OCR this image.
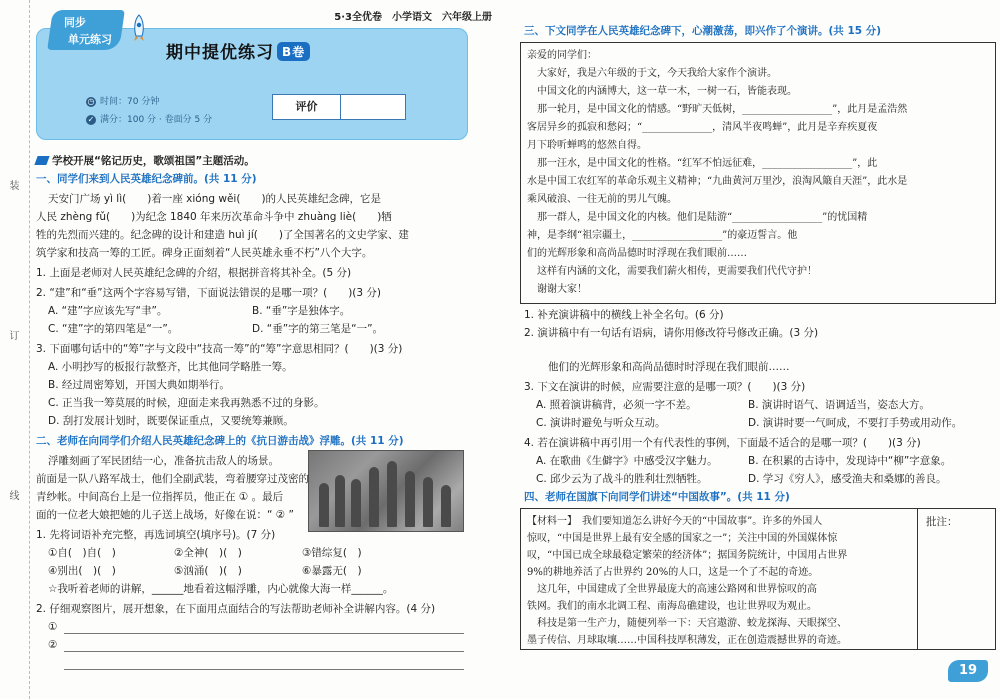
装
订
线
同步
单元练习
5·3全优卷　小学语文　六年级上册
期中提优练习 B卷
◷ 时间：70 分钟
✓ 满分：100 分 · 卷面分 5 分
评价
学校开展“铭记历史，歌颂祖国”主题活动。
一、同学们来到人民英雄纪念碑前。(共 11 分)
天安门广场 yì lì(　　)着一座 xióng wěi(　　)的人民英雄纪念碑，它是
人民 zhèng fǔ(　　)为纪念 1840 年来历次革命斗争中 zhuàng liè(　　)牺
牲的先烈而兴建的。纪念碑的设计和建造 huì jí(　　)了全国著名的文史学家、建
筑学家和技高一筹的工匠。碑身正面刻着“人民英雄永垂不朽”八个大字。
1. 上面是老师对人民英雄纪念碑的介绍，根据拼音将其补全。(5 分)
2. “建”和“垂”这两个字容易写错，下面说法错误的是哪一项？(　　)(3 分)
A. “建”字应该先写“聿”。	B. “垂”字是独体字。
C. “建”字的第四笔是“一”。	D. “垂”字的第三笔是“一”。
3. 下面哪句话中的“筹”字与文段中“技高一筹”的“筹”字意思相同？(　　)(3 分)
A. 小明抄写的板报行款整齐，比其他同学略胜一筹。
B. 经过周密筹划，开国大典如期举行。
C. 正当我一筹莫展的时候，迎面走来我再熟悉不过的身影。
D. 刮打发展计划时，既要保证重点，又要统筹兼顾。
二、老师在向同学们介绍人民英雄纪念碑上的《抗日游击战》浮雕。(共 11 分)
浮雕刻画了军民团结一心，准备抗击敌人的场景。
前面是一队八路军战士，他们全副武装，弯着腰穿过茂密的
青纱帐。中间高台上是一位指挥员，他正在 ① 。最后
面的一位老大娘把她的儿子送上战场，好像在说：“ ② ”
1. 先将词语补充完整，再选词填空(填序号)。(7 分)
①自(　)自(　)	②全神(　)(　)	③错综复(　)
④别出(　)(　)	⑤汹涌(　)(　)	⑥暴露无(　)
☆我听着老师的讲解，______地看着这幅浮雕，内心就像大海一样______。
2. 仔细观察图片，展开想象，在下面用点面结合的写法帮助老师补全讲解内容。(4 分)
①
②
三、下文同学在人民英雄纪念碑下，心潮激荡，即兴作了个演讲。(共 15 分)
亲爱的同学们：
　大家好，我是六年级的于文，今天我给大家作个演讲。
　中国文化的内涵博大，这一草一木，一树一石，皆能表现。
　那一轮月，是中国文化的情感。“野旷天低树，__________________”，此月是孟浩然
客居异乡的孤寂和愁闷；“______________，清风半夜鸣蝉”，此月是辛弃疾夏夜
月下聆听蝉鸣的悠然自得。
　那一汪水，是中国文化的性格。“红军不怕远征难，__________________”，此
水是中国工农红军的革命乐观主义精神；“九曲黄河万里沙，浪淘风簸自天涯”，此水是
乘风破浪、一往无前的男儿气魄。
　那一群人，是中国文化的内核。他们是陆游“__________________”的忧国精
神，是李纲“祖宗疆土，__________________”的豪迈誓言。他
们的光辉形象和高尚品德时时浮现在我们眼前……
　这样有内涵的文化，需要我们薪火相传，更需要我们代代守护！
　谢谢大家！
1. 补充演讲稿中的横线上补全名句。(6 分)
2. 演讲稿中有一句话有语病，请你用修改符号修改正确。(3 分)
他们的光辉形象和高尚品德时时浮现在我们眼前……
3. 下文在演讲的时候，应需要注意的是哪一项？(　　)(3 分)
A. 照着演讲稿背，必须一字不差。	B. 演讲时语气、语调适当，姿态大方。
C. 演讲时避免与听众互动。	D. 演讲时要一气呵成，不要打手势或用动作。
4. 若在演讲稿中再引用一个有代表性的事例，下面最不适合的是哪一项？(　　)(3 分)
A. 在歌曲《生僻字》中感受汉字魅力。	B. 在积累的古诗中，发现诗中“柳”字意象。
C. 邱少云为了战斗的胜利壮烈牺牲。	D. 学习《穷人》，感受渔夫和桑娜的善良。
四、老师在国旗下向同学们讲述“中国故事”。(共 11 分)
【材料一】　我们要知道怎么讲好今天的“中国故事”。许多的外国人
惊叹，“中国是世界上最有安全感的国家之一”；关注中国的外国媒体惊
叹，“中国已成全球最稳定繁荣的经济体”；据国务院统计，中国用占世界
9%的耕地养活了占世界约 20%的人口，这是一个了不起的奇迹。
　这几年，中国建成了全世界最庞大的高速公路网和世界惊叹的高
铁网。我们的南水北调工程、南海岛礁建设，也让世界叹为观止。
　科技是第一生产力，随便列举一下：天宫遨游、蛟龙探海、天眼探空、
墨子传信、月球取壤……中国科技厚积薄发，正在创造震撼世界的奇迹。
批注：
19
